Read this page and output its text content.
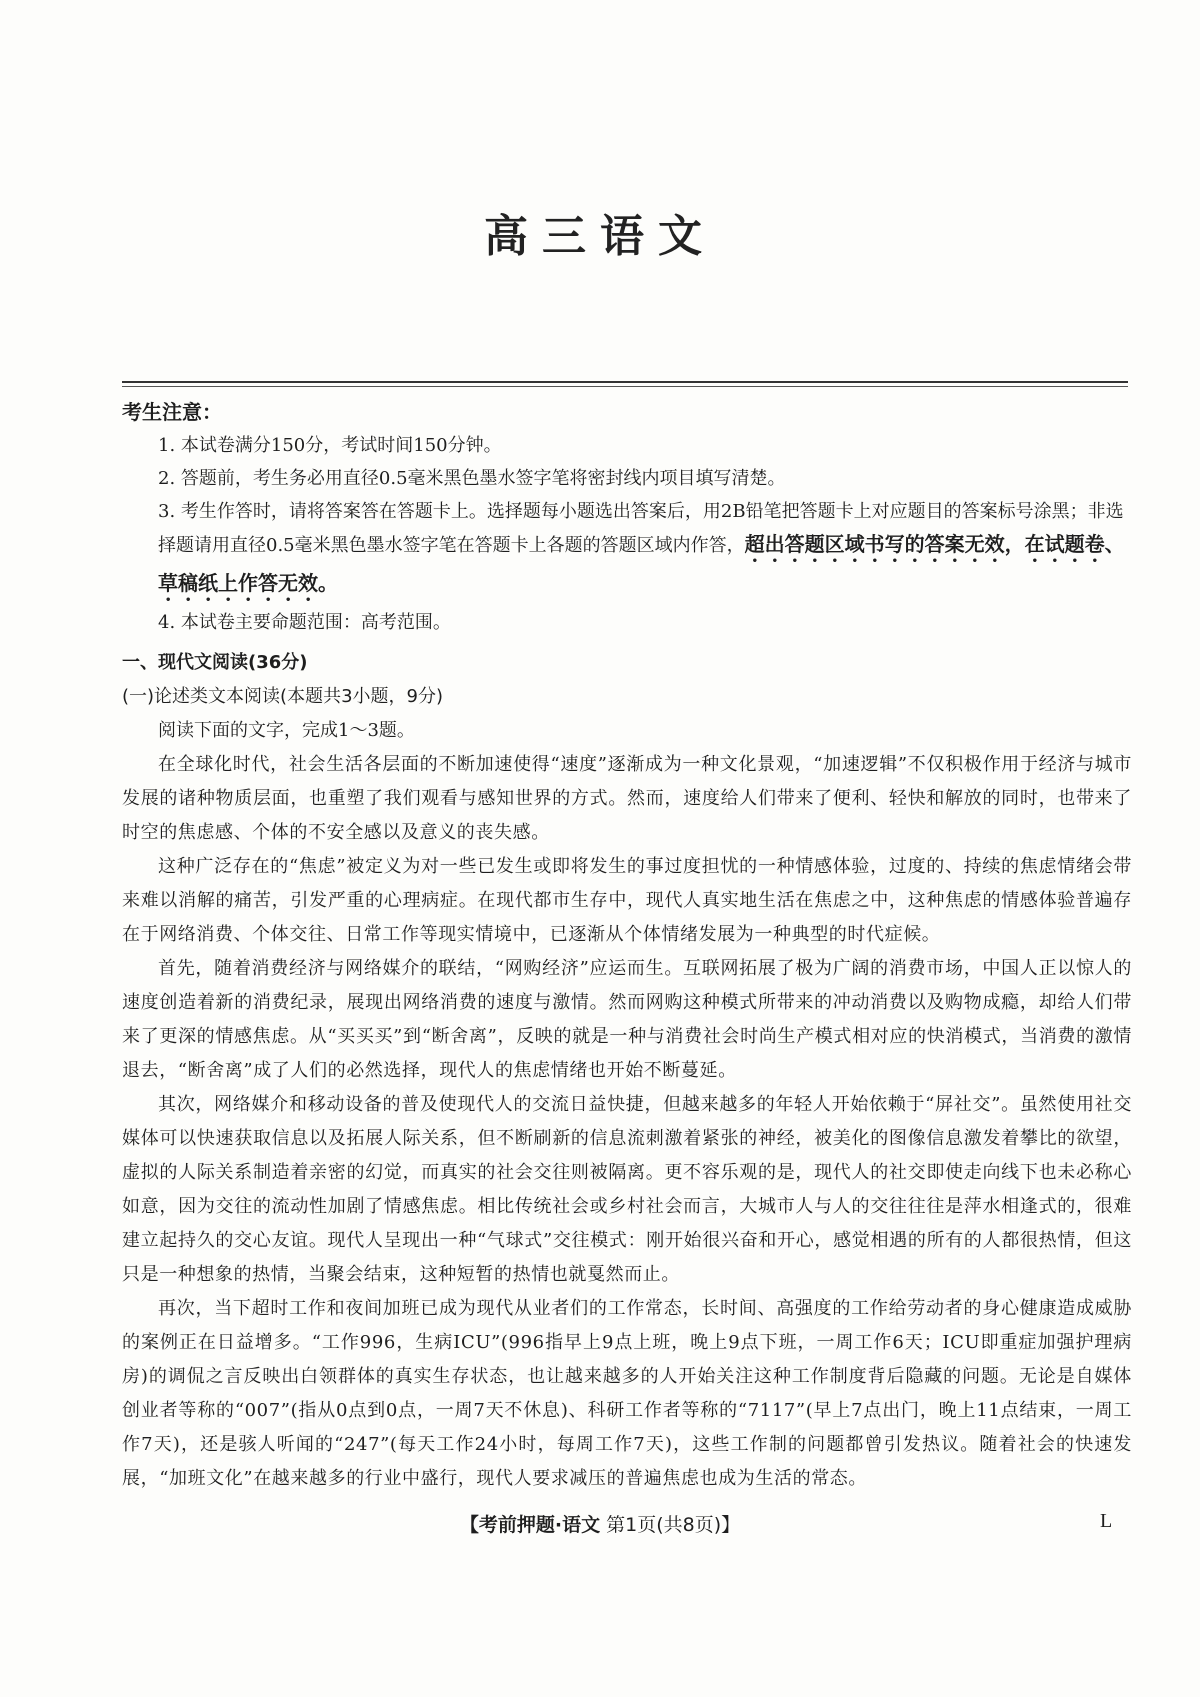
高三语文
考生注意：
1. 本试卷满分150分，考试时间150分钟。
2. 答题前，考生务必用直径0.5毫米黑色墨水签字笔将密封线内项目填写清楚。
3. 考生作答时，请将答案答在答题卡上。选择题每小题选出答案后，用2B铅笔把答题卡上对应题目的答案标号涂黑；非选择题请用直径0.5毫米黑色墨水签字笔在答题卡上各题的答题区域内作答，超出答题区域书写的答案无效，在试题卷、草稿纸上作答无效。
4. 本试卷主要命题范围：高考范围。
一、现代文阅读(36分)
(一)论述类文本阅读(本题共3小题，9分)

阅读下面的文字，完成1～3题。

在全球化时代，社会生活各层面的不断加速使得“速度”逐渐成为一种文化景观，“加速逻辑”不仅积极作用于经济与城市发展的诸种物质层面，也重塑了我们观看与感知世界的方式。然而，速度给人们带来了便利、轻快和解放的同时，也带来了时空的焦虑感、个体的不安全感以及意义的丧失感。

这种广泛存在的“焦虑”被定义为对一些已发生或即将发生的事过度担忧的一种情感体验，过度的、持续的焦虑情绪会带来难以消解的痛苦，引发严重的心理病症。在现代都市生存中，现代人真实地生活在焦虑之中，这种焦虑的情感体验普遍存在于网络消费、个体交往、日常工作等现实情境中，已逐渐从个体情绪发展为一种典型的时代症候。

首先，随着消费经济与网络媒介的联结，“网购经济”应运而生。互联网拓展了极为广阔的消费市场，中国人正以惊人的速度创造着新的消费纪录，展现出网络消费的速度与激情。然而网购这种模式所带来的冲动消费以及购物成瘾，却给人们带来了更深的情感焦虑。从“买买买”到“断舍离”，反映的就是一种与消费社会时尚生产模式相对应的快消模式，当消费的激情退去，“断舍离”成了人们的必然选择，现代人的焦虑情绪也开始不断蔓延。

其次，网络媒介和移动设备的普及使现代人的交流日益快捷，但越来越多的年轻人开始依赖于“屏社交”。虽然使用社交媒体可以快速获取信息以及拓展人际关系，但不断刷新的信息流刺激着紧张的神经，被美化的图像信息激发着攀比的欲望，虚拟的人际关系制造着亲密的幻觉，而真实的社会交往则被隔离。更不容乐观的是，现代人的社交即使走向线下也未必称心如意，因为交往的流动性加剧了情感焦虑。相比传统社会或乡村社会而言，大城市人与人的交往往往是萍水相逢式的，很难建立起持久的交心友谊。现代人呈现出一种“气球式”交往模式：刚开始很兴奋和开心，感觉相遇的所有的人都很热情，但这只是一种想象的热情，当聚会结束，这种短暂的热情也就戛然而止。

再次，当下超时工作和夜间加班已成为现代从业者们的工作常态，长时间、高强度的工作给劳动者的身心健康造成威胁的案例正在日益增多。“工作996，生病ICU”(996指早上9点上班，晚上9点下班，一周工作6天；ICU即重症加强护理病房)的调侃之言反映出白领群体的真实生存状态，也让越来越多的人开始关注这种工作制度背后隐藏的问题。无论是自媒体创业者等称的“007”(指从0点到0点，一周7天不休息)、科研工作者等称的“7117”(早上7点出门，晚上11点结束，一周工作7天)，还是骇人听闻的“247”(每天工作24小时，每周工作7天)，这些工作制的问题都曾引发热议。随着社会的快速发展，“加班文化”在越来越多的行业中盛行，现代人要求减压的普遍焦虑也成为生活的常态。

【考前押题·语文 第1页(共8页)】	L
